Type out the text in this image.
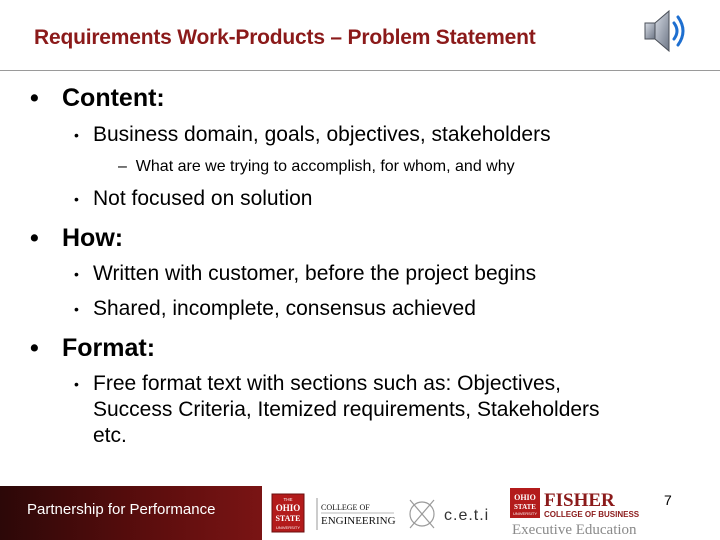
Requirements Work-Products – Problem Statement
• Content:
• Business domain, goals, objectives, stakeholders
– What are we trying to accomplish, for whom, and why
• Not focused on solution
• How:
• Written with customer, before the project begins
• Shared, incomplete, consensus achieved
• Format:
• Free format text with sections such as: Objectives,
Success Criteria, Itemized requirements, Stakeholders
etc.
Partnership for Performance
THE
OHIO
STATE
UNIVERSITY
COLLEGE OF
ENGINEERING	c.e.t.i
OHIO
STATE
UNIVERSITY
FISHER
COLLEGE OF BUSINESS
Executive Education
7
